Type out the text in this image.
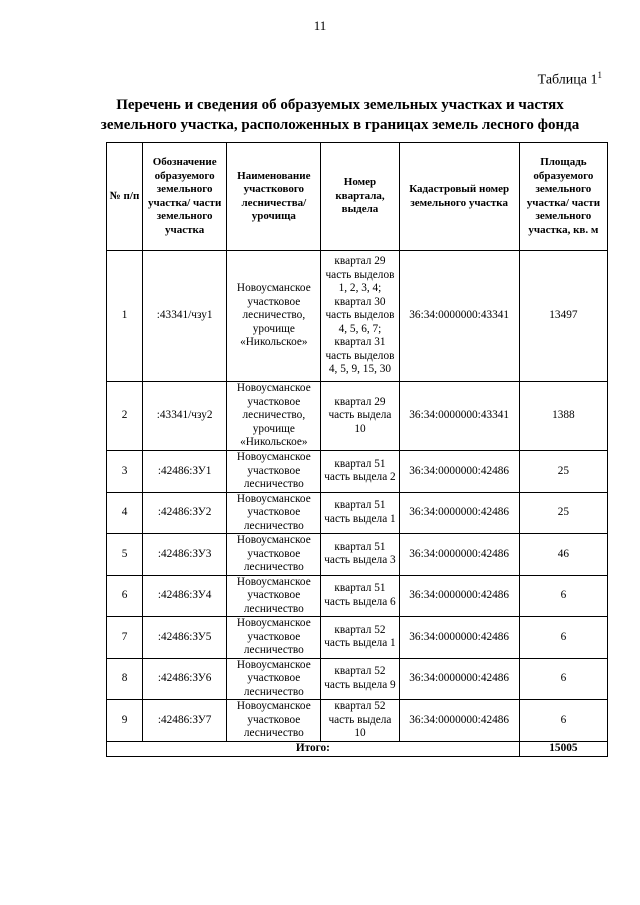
11
Таблица $1^1$
Перечень и сведения об образуемых земельных участках и частях земельного участка, расположенных в границах земель лесного фонда
№ п/п	Обозначение образуемого земельного участка/ части земельного участка	Наименование участкового лесничества/ урочища	Номер квартала, выдела	Кадастровый номер земельного участка	Площадь образуемого земельного участка/ части земельного участка, кв. м
1	:43341/чзу1	Новоусманское участковое лесничество, урочище «Никольское»	квартал 29 часть выделов 1, 2, 3, 4; квартал 30 часть выделов 4, 5, 6, 7; квартал 31 часть выделов 4, 5, 9, 15, 30	36:34:0000000:43341	13497
2	:43341/чзу2	Новоусманское участковое лесничество, урочище «Никольское»	квартал 29 часть выдела 10	36:34:0000000:43341	1388
3	:42486:ЗУ1	Новоусманское участковое лесничество	квартал 51 часть выдела 2	36:34:0000000:42486	25
4	:42486:ЗУ2	Новоусманское участковое лесничество	квартал 51 часть выдела 1	36:34:0000000:42486	25
5	:42486:ЗУ3	Новоусманское участковое лесничество	квартал 51 часть выдела 3	36:34:0000000:42486	46
6	:42486:ЗУ4	Новоусманское участковое лесничество	квартал 51 часть выдела 6	36:34:0000000:42486	6
7	:42486:ЗУ5	Новоусманское участковое лесничество	квартал 52 часть выдела 1	36:34:0000000:42486	6
8	:42486:ЗУ6	Новоусманское участковое лесничество	квартал 52 часть выдела 9	36:34:0000000:42486	6
9	:42486:ЗУ7	Новоусманское участковое лесничество	квартал 52 часть выдела 10	36:34:0000000:42486	6
Итого:					15005
